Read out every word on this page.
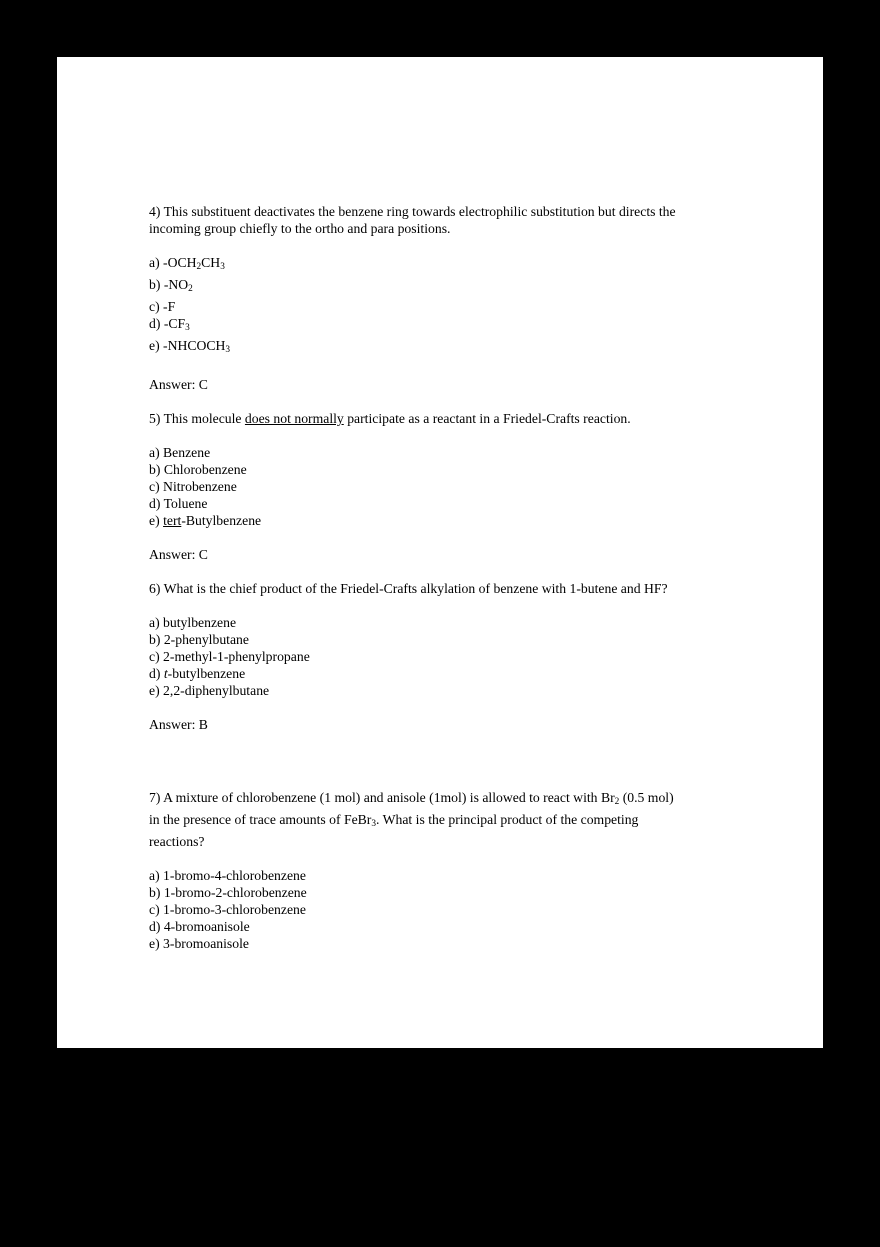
4) This substituent deactivates the benzene ring towards electrophilic substitution but directs the
incoming group chiefly to the ortho and para positions.
a) $-OCH_2CH_3$
b) $-NO_2$
c) -F
d) $-CF_3$
e) $-NHCOCH_3$
Answer: C
5) This molecule does not normally participate as a reactant in a Friedel-Crafts reaction.
a) Benzene
b) Chlorobenzene
c) Nitrobenzene
d) Toluene
e) tert-Butylbenzene
Answer: C
6) What is the chief product of the Friedel-Crafts alkylation of benzene with 1-butene and HF?
a) butylbenzene
b) 2-phenylbutane
c) 2-methyl-1-phenylpropane
d) t-butylbenzene
e) 2,2-diphenylbutane
Answer: B
7) A mixture of chlorobenzene (1 mol) and anisole (1mol) is allowed to react with $Br_2$ (0.5 mol)
in the presence of trace amounts of FeBr$_3$. What is the principal product of the competing
reactions?
a) 1-bromo-4-chlorobenzene
b) 1-bromo-2-chlorobenzene
c) 1-bromo-3-chlorobenzene
d) 4-bromoanisole
e) 3-bromoanisole
